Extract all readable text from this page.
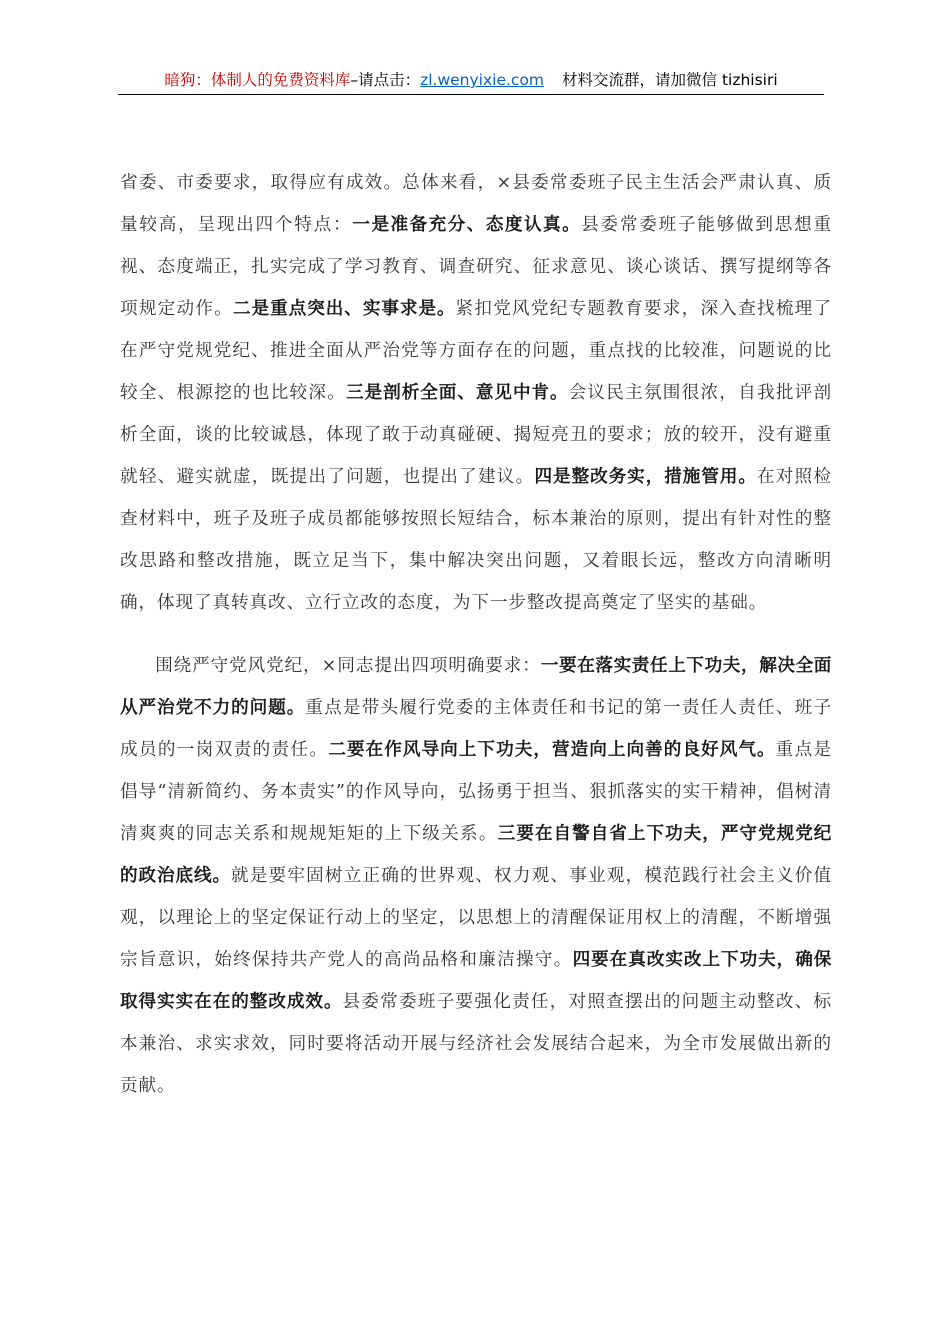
暗狗：体制人的免费资料库–请点击：zl.wenyixie.com 材料交流群，请加微信 tizhisiri

省委、市委要求，取得应有成效。总体来看，×县委常委班子民主生活会严肃认真、质量较高，呈现出四个特点：一是准备充分、态度认真。县委常委班子能够做到思想重视、态度端正，扎实完成了学习教育、调查研究、征求意见、谈心谈话、撰写提纲等各项规定动作。二是重点突出、实事求是。紧扣党风党纪专题教育要求，深入查找梳理了在严守党规党纪、推进全面从严治党等方面存在的问题，重点找的比较准，问题说的比较全、根源挖的也比较深。三是剖析全面、意见中肯。会议民主氛围很浓，自我批评剖析全面，谈的比较诚恳，体现了敢于动真碰硬、揭短亮丑的要求；放的较开，没有避重就轻、避实就虚，既提出了问题，也提出了建议。四是整改务实，措施管用。在对照检查材料中，班子及班子成员都能够按照长短结合，标本兼治的原则，提出有针对性的整改思路和整改措施，既立足当下，集中解决突出问题，又着眼长远，整改方向清晰明确，体现了真转真改、立行立改的态度，为下一步整改提高奠定了坚实的基础。

围绕严守党风党纪，×同志提出四项明确要求：一要在落实责任上下功夫，解决全面从严治党不力的问题。重点是带头履行党委的主体责任和书记的第一责任人责任、班子成员的一岗双责的责任。二要在作风导向上下功夫，营造向上向善的良好风气。重点是倡导“清新简约、务本责实”的作风导向，弘扬勇于担当、狠抓落实的实干精神，倡树清清爽爽的同志关系和规规矩矩的上下级关系。三要在自警自省上下功夫，严守党规党纪的政治底线。就是要牢固树立正确的世界观、权力观、事业观，模范践行社会主义价值观，以理论上的坚定保证行动上的坚定，以思想上的清醒保证用权上的清醒，不断增强宗旨意识，始终保持共产党人的高尚品格和廉洁操守。四要在真改实改上下功夫，确保取得实实在在的整改成效。县委常委班子要强化责任，对照查摆出的问题主动整改、标本兼治、求实求效，同时要将活动开展与经济社会发展结合起来，为全市发展做出新的贡献。
